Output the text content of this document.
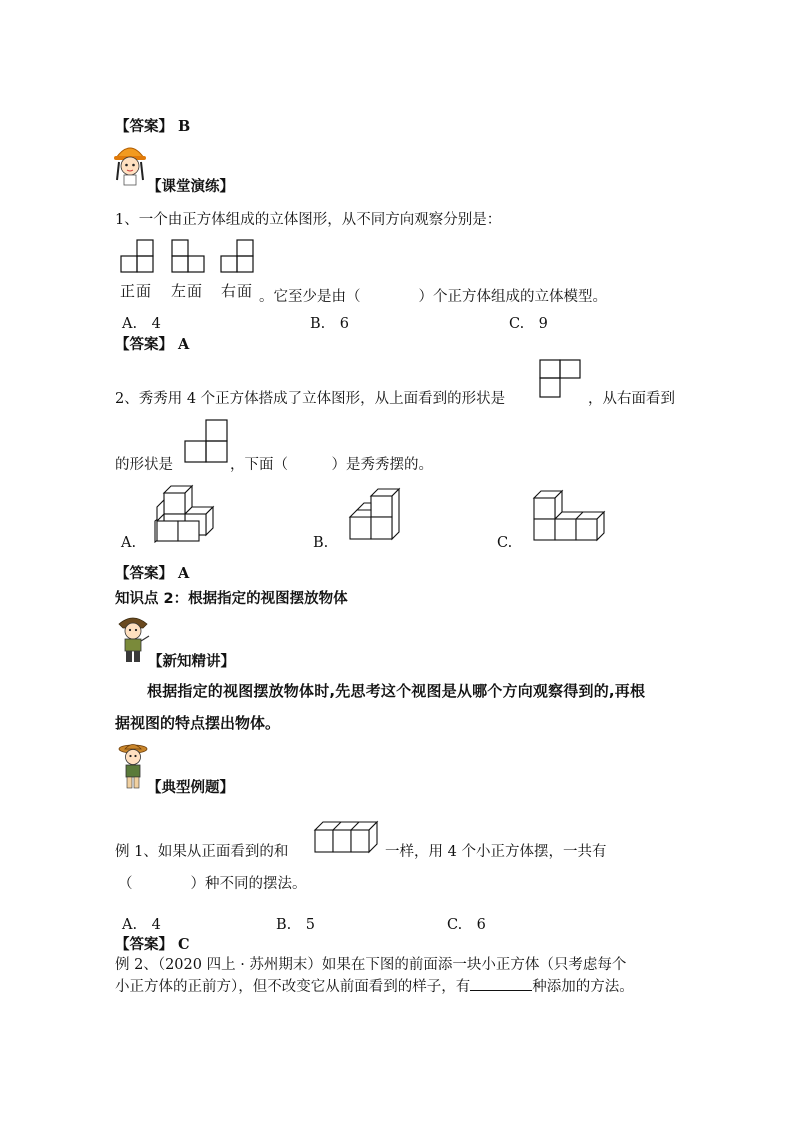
【答案】 B
【课堂演练】
1、一个由正方体组成的立体图形，从不同方向观察分别是：
正面 左面 右面 。它至少是由（　　　　）个正方体组成的立体模型。
A.　4	B.　6	C.　9
【答案】 A
2、秀秀用 4 个正方体搭成了立体图形，从上面看到的形状是	，从右面看到
的形状是	，下面（　　　）是秀秀摆的。
A.	B.	C.
【答案】 A
知识点 2：根据指定的视图摆放物体
【新知精讲】
根据指定的视图摆放物体时,先思考这个视图是从哪个方向观察得到的,再根
据视图的特点摆出物体。
【典型例题】
例 1、如果从正面看到的和	一样，用 4 个小正方体摆，一共有
（　　　　）种不同的摆法。
A.　4	B.　5	C.　6
【答案】 C
例 2、（2020 四上 · 苏州期末）如果在下图的前面添一块小正方体（只考虑每个
小正方体的正前方），但不改变它从前面看到的样子，有	种添加的方法。
